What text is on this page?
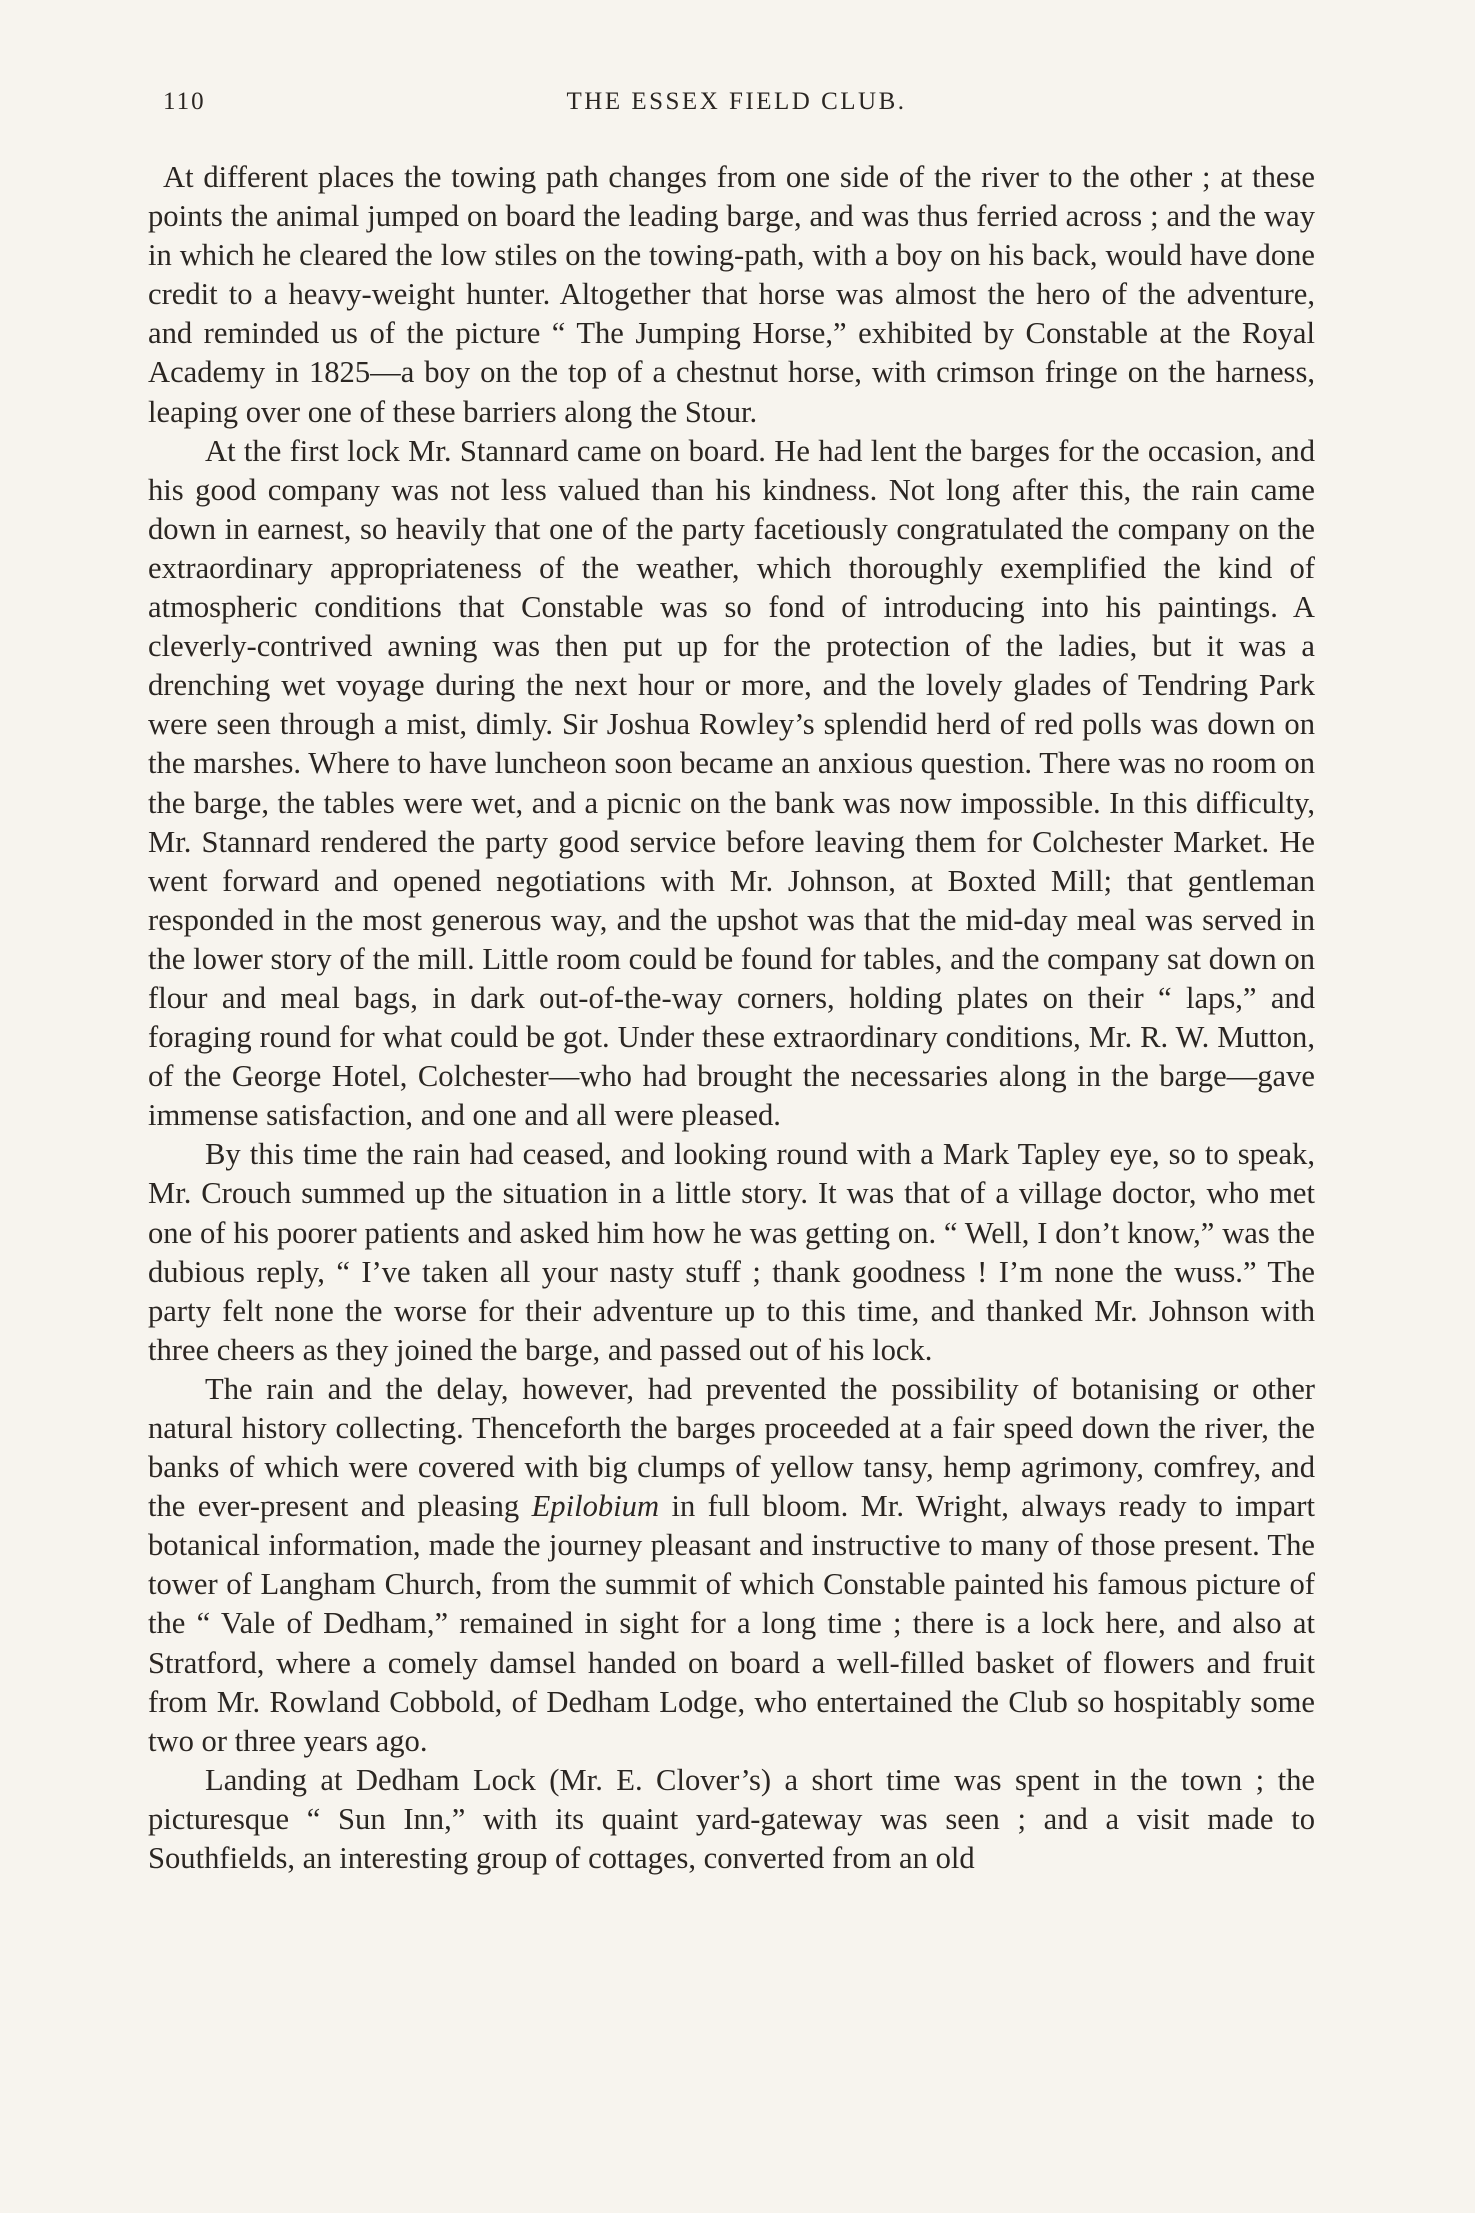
110	THE ESSEX FIELD CLUB.

At different places the towing path changes from one side of the river to the other ; at these points the animal jumped on board the leading barge, and was thus ferried across ; and the way in which he cleared the low stiles on the towing-path, with a boy on his back, would have done credit to a heavy-weight hunter. Altogether that horse was almost the hero of the adventure, and reminded us of the picture “ The Jumping Horse,” exhibited by Constable at the Royal Academy in 1825—a boy on the top of a chestnut horse, with crimson fringe on the harness, leaping over one of these barriers along the Stour.

At the first lock Mr. Stannard came on board. He had lent the barges for the occasion, and his good company was not less valued than his kindness. Not long after this, the rain came down in earnest, so heavily that one of the party facetiously congratulated the company on the extraordinary appropriateness of the weather, which thoroughly exemplified the kind of atmospheric conditions that Constable was so fond of introducing into his paintings. A cleverly-contrived awning was then put up for the protection of the ladies, but it was a drenching wet voyage during the next hour or more, and the lovely glades of Tendring Park were seen through a mist, dimly. Sir Joshua Rowley’s splendid herd of red polls was down on the marshes. Where to have luncheon soon became an anxious question. There was no room on the barge, the tables were wet, and a picnic on the bank was now impossible. In this difficulty, Mr. Stannard rendered the party good service before leaving them for Colchester Market. He went forward and opened negotiations with Mr. Johnson, at Boxted Mill; that gentleman responded in the most generous way, and the upshot was that the mid-day meal was served in the lower story of the mill. Little room could be found for tables, and the company sat down on flour and meal bags, in dark out-of-the-way corners, holding plates on their “ laps,” and foraging round for what could be got. Under these extraordinary conditions, Mr. R. W. Mutton, of the George Hotel, Colchester—who had brought the necessaries along in the barge—gave immense satisfaction, and one and all were pleased.

By this time the rain had ceased, and looking round with a Mark Tapley eye, so to speak, Mr. Crouch summed up the situation in a little story. It was that of a village doctor, who met one of his poorer patients and asked him how he was getting on. “ Well, I don’t know,” was the dubious reply, “ I’ve taken all your nasty stuff ; thank goodness ! I’m none the wuss.” The party felt none the worse for their adventure up to this time, and thanked Mr. Johnson with three cheers as they joined the barge, and passed out of his lock.

The rain and the delay, however, had prevented the possibility of botanising or other natural history collecting. Thenceforth the barges proceeded at a fair speed down the river, the banks of which were covered with big clumps of yellow tansy, hemp agrimony, comfrey, and the ever-present and pleasing Epilobium in full bloom. Mr. Wright, always ready to impart botanical information, made the journey pleasant and instructive to many of those present. The tower of Langham Church, from the summit of which Constable painted his famous picture of the “ Vale of Dedham,” remained in sight for a long time ; there is a lock here, and also at Stratford, where a comely damsel handed on board a well-filled basket of flowers and fruit from Mr. Rowland Cobbold, of Dedham Lodge, who entertained the Club so hospitably some two or three years ago.

Landing at Dedham Lock (Mr. E. Clover’s) a short time was spent in the town ; the picturesque “ Sun Inn,” with its quaint yard-gateway was seen ; and a visit made to Southfields, an interesting group of cottages, converted from an old
